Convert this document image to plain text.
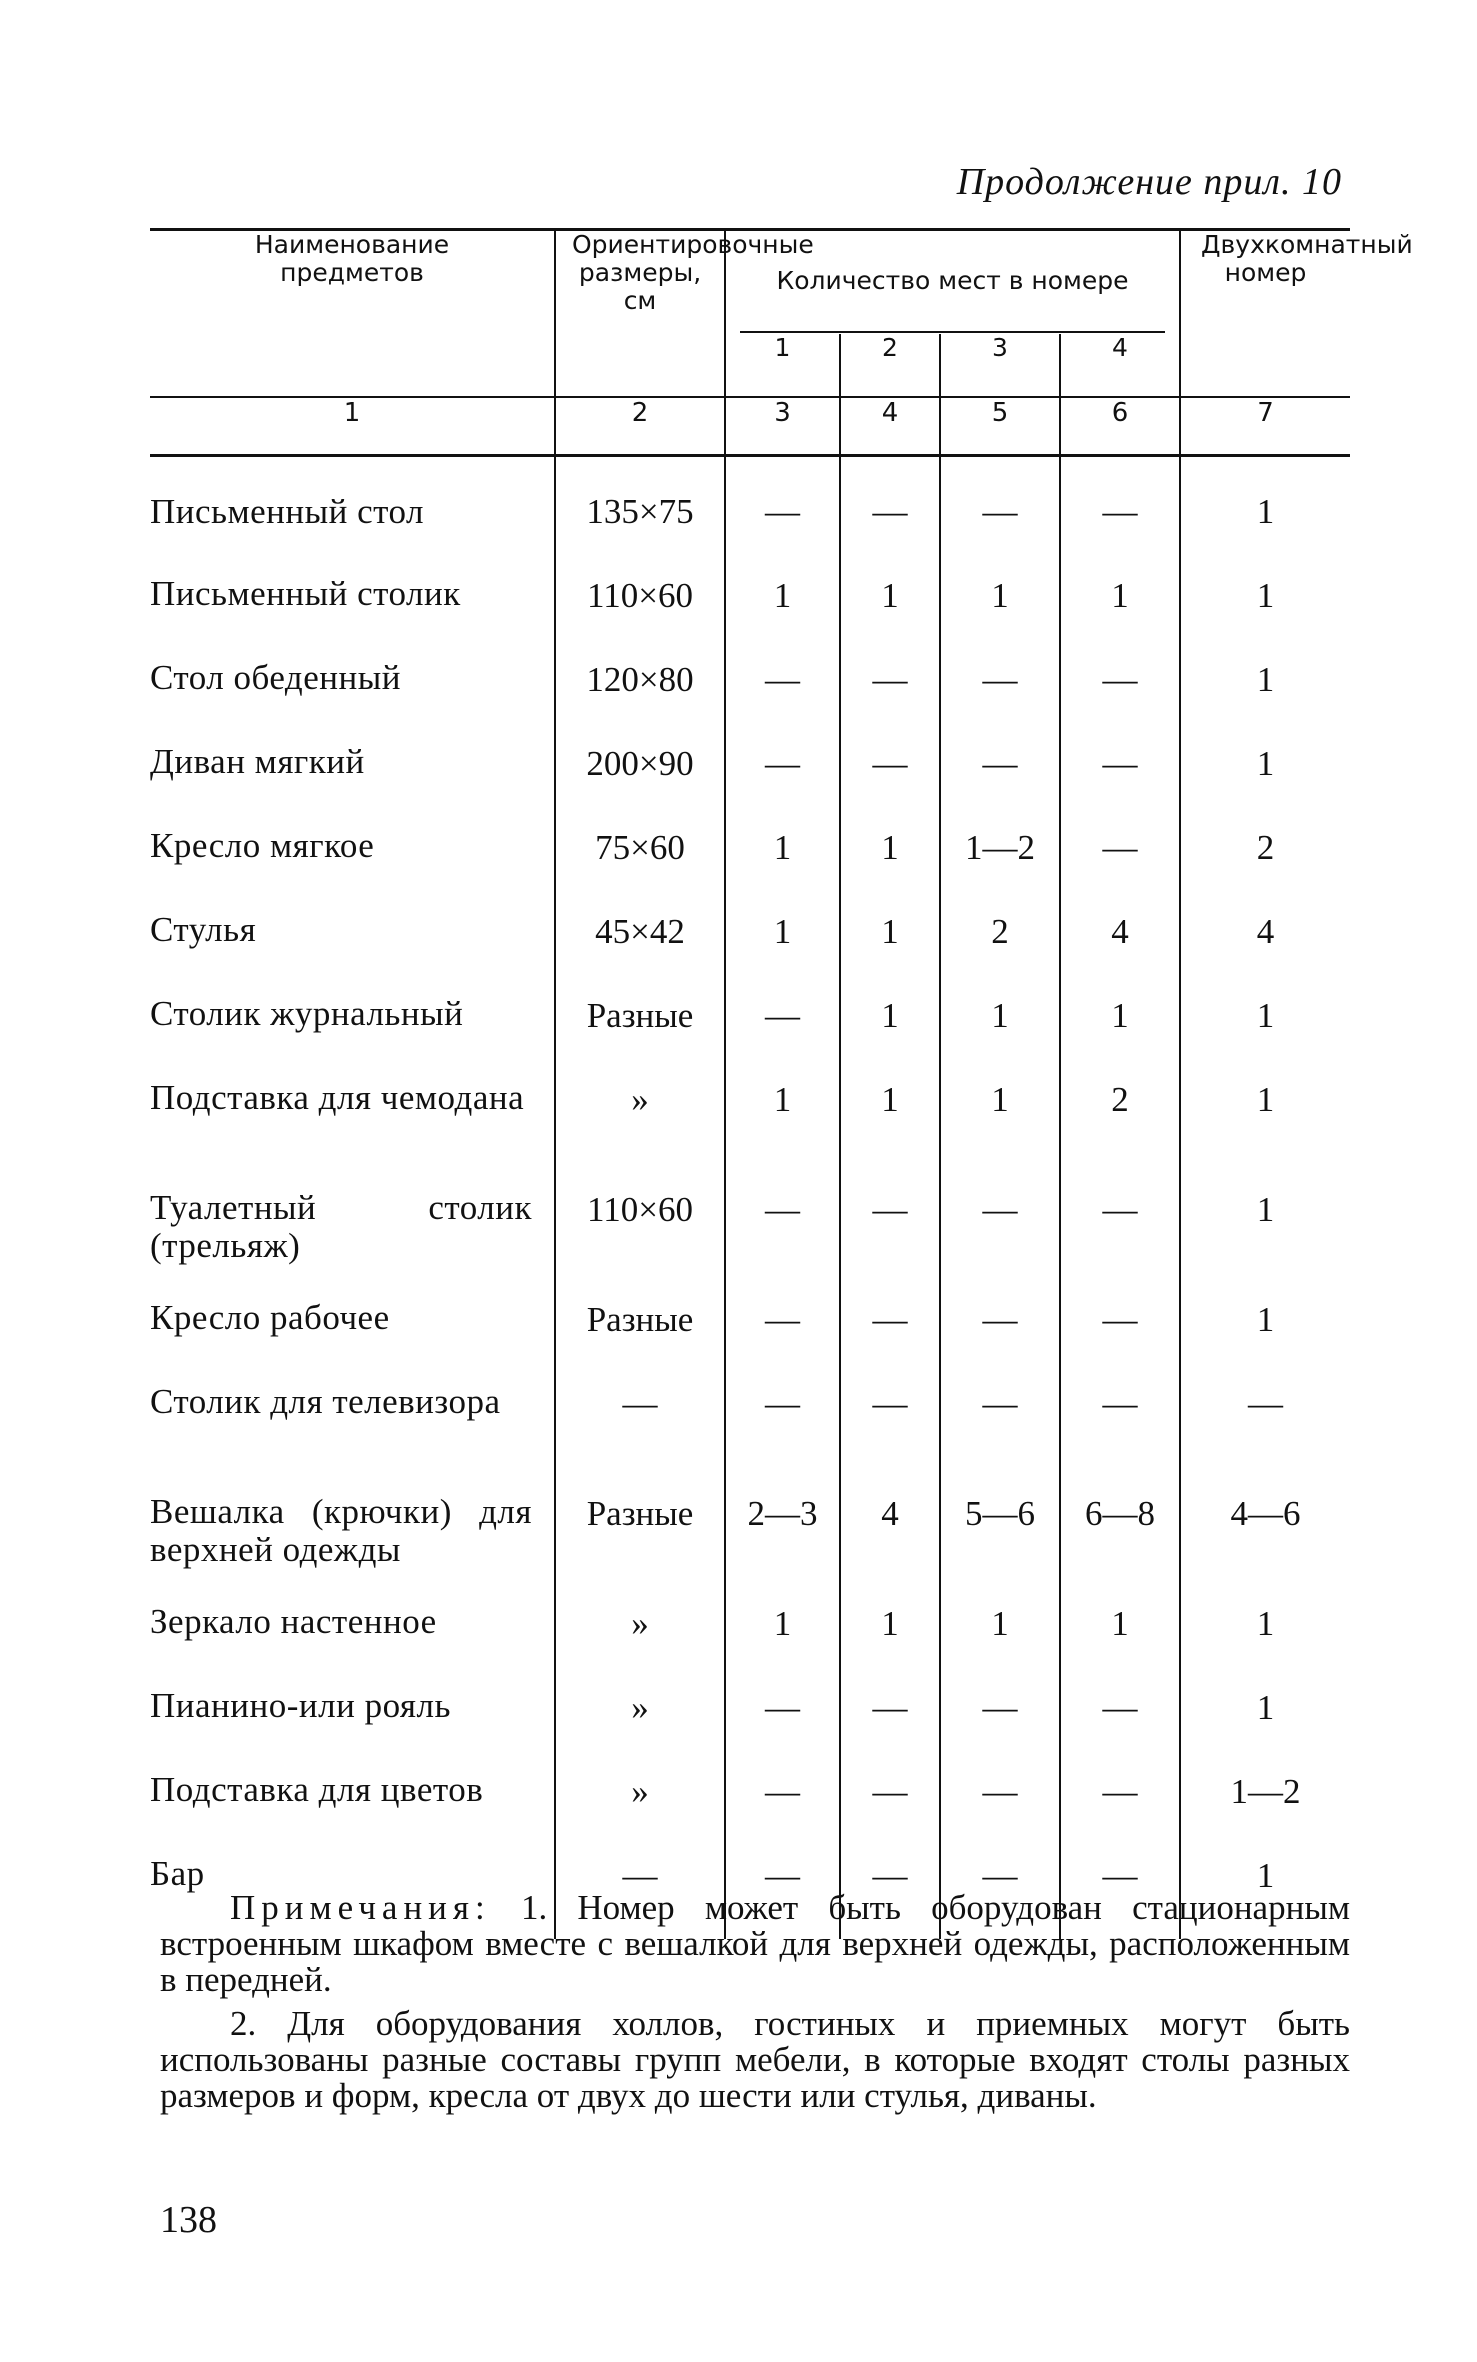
Продолжение прил. 10
Наименование предметов	Ориентировочные размеры, см	Количество мест в номере				Двухкомнатный номер
		1	2	3	4	
1	2	3	4	5	6	7
Письменный стол	135×75	—	—	—	—	1
Письменный столик	110×60	1	1	1	1	1
Стол обеденный	120×80	—	—	—	—	1
Диван мягкий	200×90	—	—	—	—	1
Кресло мягкое	75×60	1	1	1—2	—	2
Стулья	45×42	1	1	2	4	4
Столик журнальный	Разные	—	1	1	1	1
Подставка для чемодана	»	1	1	1	2	1
Туалетный столик (трельяж)	110×60	—	—	—	—	1
Кресло рабочее	Разные	—	—	—	—	1
Столик для телевизора	—	—	—	—	—	—
Вешалка (крючки) для верхней одежды	Разные	2—3	4	5—6	6—8	4—6
Зеркало настенное	»	1	1	1	1	1
Пианино-или рояль	»	—	—	—	—	1
Подставка для цветов	»	—	—	—	—	1—2
Бар	—	—	—	—	—	1

Примечания: 1. Номер может быть оборудован стационарным встроенным шкафом вместе с вешалкой для верхней одежды, расположенным в передней.

2. Для оборудования холлов, гостиных и приемных могут быть использованы разные составы групп мебели, в которые входят столы разных размеров и форм, кресла от двух до шести или стулья, диваны.

138
